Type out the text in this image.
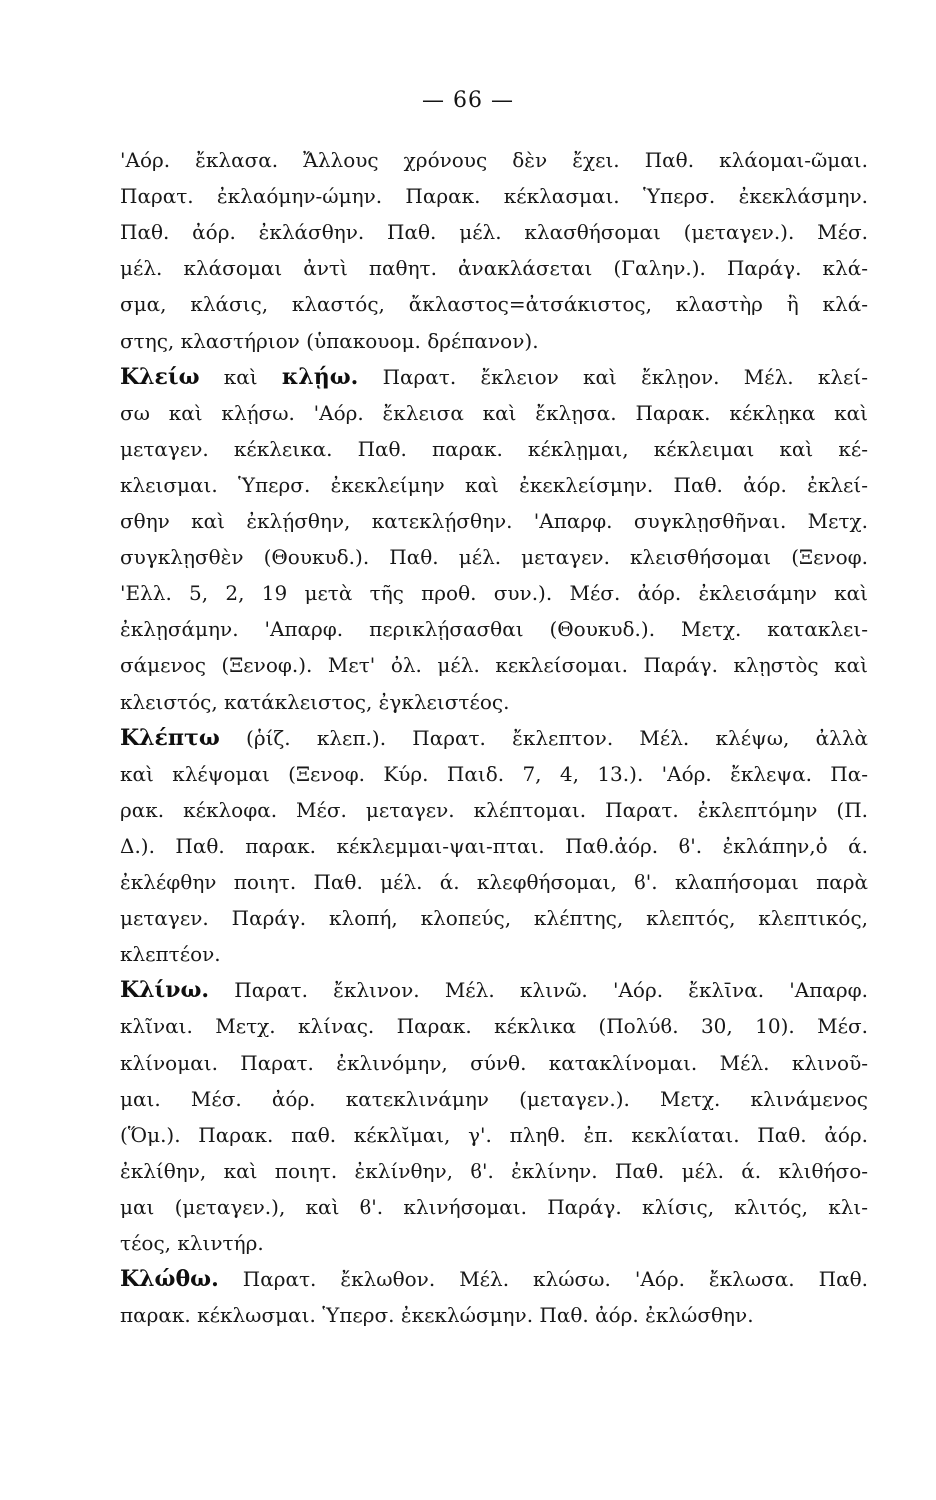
— 66 —
'Αόρ. ἔκλασα. Ἄλλους χρόνους δὲν ἔχει. Παθ. κλάομαι-ῶμαι.
Παρατ. ἐκλαόμην-ώμην. Παρακ. κέκλασμαι. Ὑπερσ. ἐκεκλάσμην.
Παθ. ἀόρ. ἐκλάσθην. Παθ. μέλ. κλασθήσομαι (μεταγεν.). Μέσ.
μέλ. κλάσομαι ἀντὶ παθητ. ἀνακλάσεται (Γαλην.). Παράγ. κλά-
σμα, κλάσις, κλαστός, ἄκλαστος=ἀτσάκιστος, κλαστὴρ ἢ κλά-
στης, κλαστήριον (ὑπακουομ. δρέπανον).
Κλείω καὶ κλῄω. Παρατ. ἔκλειον καὶ ἔκλῃον. Μέλ. κλεί-
σω καὶ κλῄσω. 'Αόρ. ἔκλεισα καὶ ἔκλῃσα. Παρακ. κέκλῃκα καὶ
μεταγεν. κέκλεικα. Παθ. παρακ. κέκλῃμαι, κέκλειμαι καὶ κέ-
κλεισμαι. Ὑπερσ. ἐκεκλείμην καὶ ἐκεκλείσμην. Παθ. ἀόρ. ἐκλεί-
σθην καὶ ἐκλῄσθην, κατεκλῄσθην. 'Απαρφ. συγκλῃσθῆναι. Μετχ.
συγκλῃσθὲν (Θουκυδ.). Παθ. μέλ. μεταγεν. κλεισθήσομαι (Ξενοφ.
'Ελλ. 5, 2, 19 μετὰ τῆς προθ. συν.). Μέσ. ἀόρ. ἐκλεισάμην καὶ
ἐκλῃσάμην. 'Απαρφ. περικλῄσασθαι (Θουκυδ.). Μετχ. κατακλει-
σάμενος (Ξενοφ.). Μετ' ὀλ. μέλ. κεκλείσομαι. Παράγ. κλῃστὸς καὶ
κλειστός, κατάκλειστος, ἐγκλειστέος.
Κλέπτω (ῥίζ. κλεπ.). Παρατ. ἔκλεπτον. Μέλ. κλέψω, ἀλλὰ
καὶ κλέψομαι (Ξενοφ. Κύρ. Παιδ. 7, 4, 13.). 'Αόρ. ἔκλεψα. Πα-
ρακ. κέκλοφα. Μέσ. μεταγεν. κλέπτομαι. Παρατ. ἐκλεπτόμην (Π.
Δ.). Παθ. παρακ. κέκλεμμαι-ψαι-πται. Παθ.ἀόρ. ϐ'. ἐκλάπην,ὁ ά.
ἐκλέφθην ποιητ. Παθ. μέλ. ά. κλεφθήσομαι, ϐ'. κλαπήσομαι παρὰ
μεταγεν. Παράγ. κλοπή, κλοπεύς, κλέπτης, κλεπτός, κλεπτικός,
κλεπτέον.
Κλίνω. Παρατ. ἔκλινον. Μέλ. κλινῶ. 'Αόρ. ἔκλῑνα. 'Απαρφ.
κλῖναι. Μετχ. κλίνας. Παρακ. κέκλικα (Πολύϐ. 30, 10). Μέσ.
κλίνομαι. Παρατ. ἐκλινόμην, σύνθ. κατακλίνομαι. Μέλ. κλινοῦ-
μαι. Μέσ. ἀόρ. κατεκλινάμην (μεταγεν.). Μετχ. κλινάμενος
(Ὅμ.). Παρακ. παθ. κέκλῐμαι, γ'. πληθ. ἐπ. κεκλίαται. Παθ. ἀόρ.
ἐκλίθην, καὶ ποιητ. ἐκλίνθην, ϐ'. ἐκλίνην. Παθ. μέλ. ά. κλιθήσο-
μαι (μεταγεν.), καὶ ϐ'. κλινήσομαι. Παράγ. κλίσις, κλιτός, κλι-
τέος, κλιντήρ.
Κλώθω. Παρατ. ἔκλωθον. Μέλ. κλώσω. 'Αόρ. ἔκλωσα. Παθ.
παρακ. κέκλωσμαι. Ὑπερσ. ἐκεκλώσμην. Παθ. ἀόρ. ἐκλώσθην.
